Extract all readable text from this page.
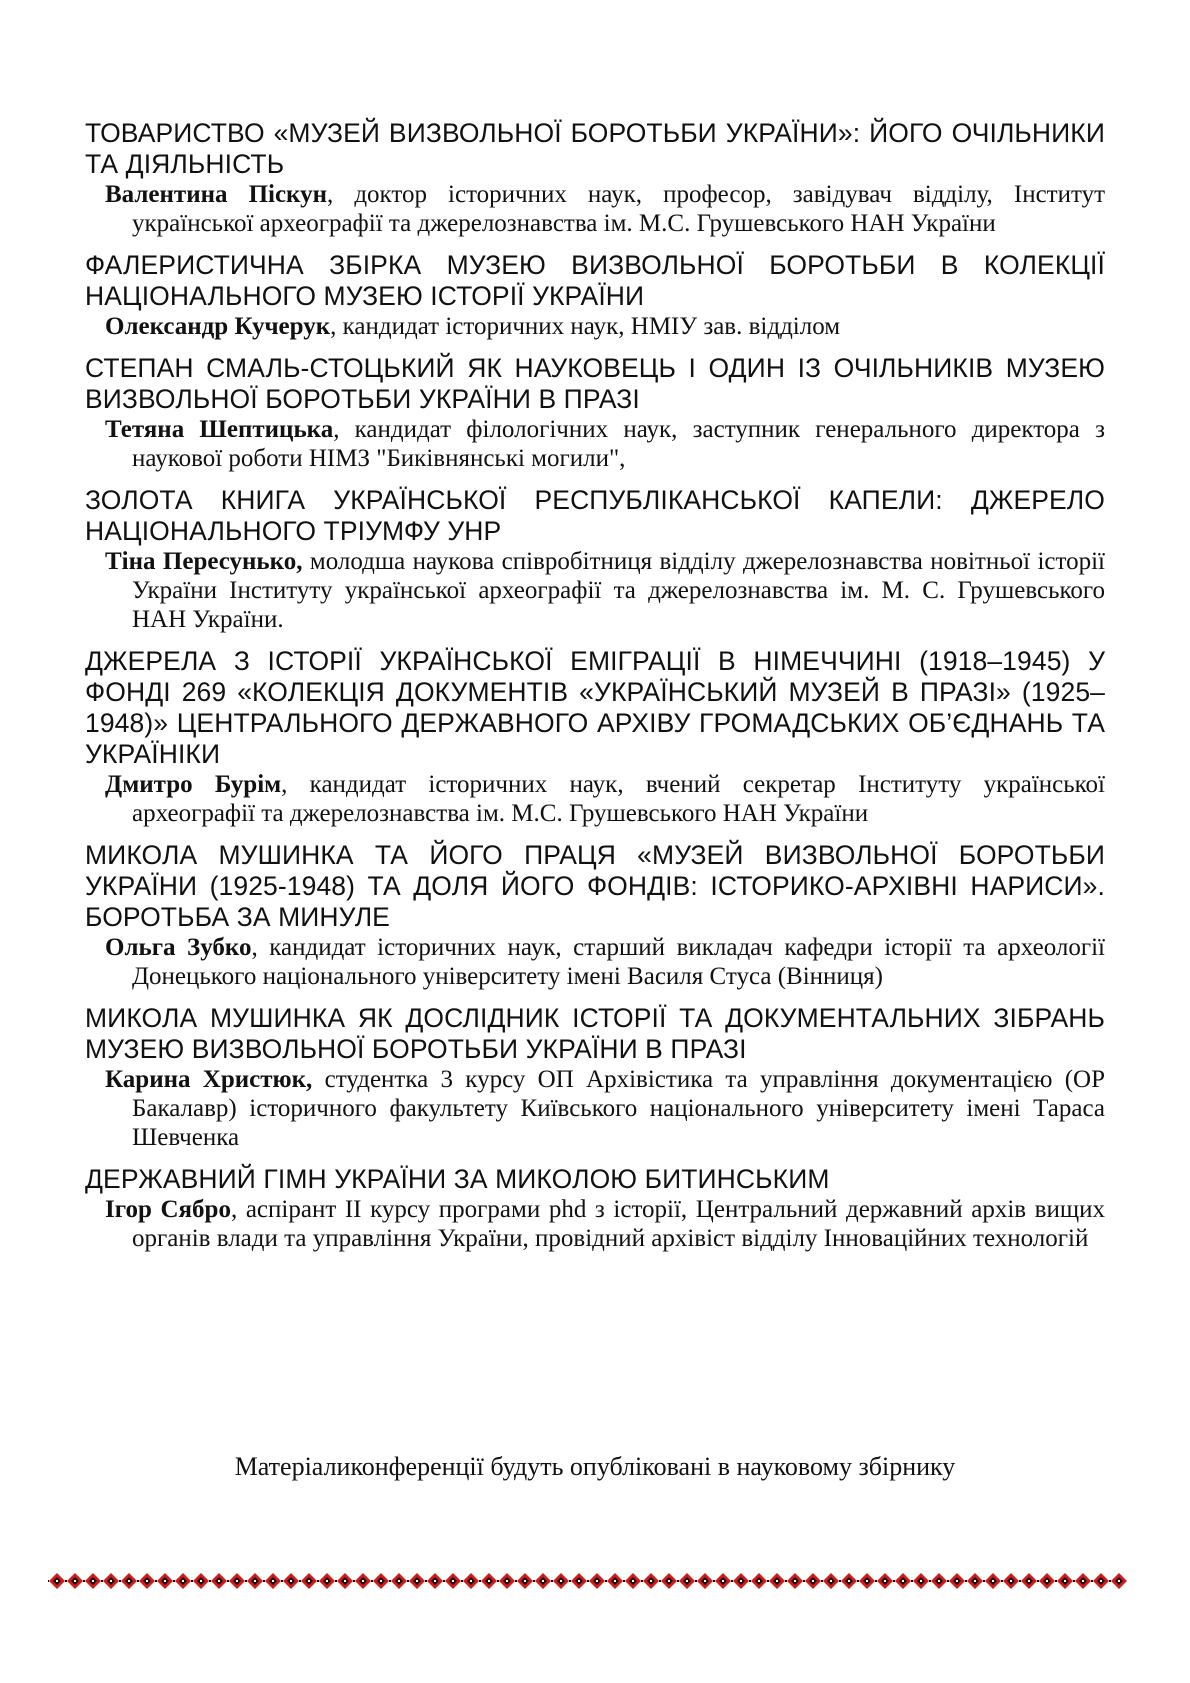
ТОВАРИСТВО «МУЗЕЙ ВИЗВОЛЬНОЇ БОРОТЬБИ УКРАЇНИ»: ЙОГО ОЧІЛЬНИКИ ТА ДІЯЛЬНІСТЬ

Валентина Піскун, доктор історичних наук, професор, завідувач відділу, Інститут української археографії та джерелознавства ім. М.С. Грушевського НАН України

ФАЛЕРИСТИЧНА ЗБІРКА МУЗЕЮ ВИЗВОЛЬНОЇ БОРОТЬБИ В КОЛЕКЦІЇ НАЦІОНАЛЬНОГО МУЗЕЮ ІСТОРІЇ УКРАЇНИ

Олександр Кучерук, кандидат історичних наук, НМІУ зав. відділом

СТЕПАН СМАЛЬ-СТОЦЬКИЙ ЯК НАУКОВЕЦЬ І ОДИН ІЗ ОЧІЛЬНИКІВ МУЗЕЮ ВИЗВОЛЬНОЇ БОРОТЬБИ УКРАЇНИ В ПРАЗІ

Тетяна Шептицька, кандидат філологічних наук, заступник генерального директора з наукової роботи НІМЗ "Биківнянські могили",

ЗОЛОТА КНИГА УКРАЇНСЬКОЇ РЕСПУБЛІКАНСЬКОЇ КАПЕЛИ: ДЖЕРЕЛО НАЦІОНАЛЬНОГО ТРІУМФУ УНР

Тіна Пересунько, молодша наукова співробітниця відділу джерелознавства новітньої історії України Інституту української археографії та джерелознавства ім. М. С. Грушевського НАН України.

ДЖЕРЕЛА З ІСТОРІЇ УКРАЇНСЬКОЇ ЕМІГРАЦІЇ В НІМЕЧЧИНІ (1918–1945) У ФОНДІ 269 «КОЛЕКЦІЯ ДОКУМЕНТІВ «УКРАЇНСЬКИЙ МУЗЕЙ В ПРАЗІ» (1925–1948)» ЦЕНТРАЛЬНОГО ДЕРЖАВНОГО АРХІВУ ГРОМАДСЬКИХ ОБ’ЄДНАНЬ ТА УКРАЇНІКИ

Дмитро Бурім, кандидат історичних наук, вчений секретар Інституту української археографії та джерелознавства ім. М.С. Грушевського НАН України

МИКОЛА МУШИНКА ТА ЙОГО ПРАЦЯ «МУЗЕЙ ВИЗВОЛЬНОЇ БОРОТЬБИ УКРАЇНИ (1925-1948) ТА ДОЛЯ ЙОГО ФОНДІВ: ІСТОРИКО-АРХІВНІ НАРИСИ». БОРОТЬБА ЗА МИНУЛЕ

Ольга Зубко, кандидат історичних наук, старший викладач кафедри історії та археології Донецького національного університету імені Василя Стуса (Вінниця)

МИКОЛА МУШИНКА ЯК ДОСЛІДНИК ІСТОРІЇ ТА ДОКУМЕНТАЛЬНИХ ЗІБРАНЬ МУЗЕЮ ВИЗВОЛЬНОЇ БОРОТЬБИ УКРАЇНИ В ПРАЗІ

Карина Христюк, студентка 3 курсу ОП Архівістика та управління документацією (ОР Бакалавр) історичного факультету Київського національного університету імені Тараса Шевченка

ДЕРЖАВНИЙ ГІМН УКРАЇНИ ЗА МИКОЛОЮ БИТИНСЬКИМ

Ігор Сябро, аспірант ІІ курсу програми phd з історії, Центральний державний архів вищих органів влади та управління України, провідний архівіст відділу Інноваційних технологій

Матеріаликонференції будуть опубліковані в науковому збірнику
